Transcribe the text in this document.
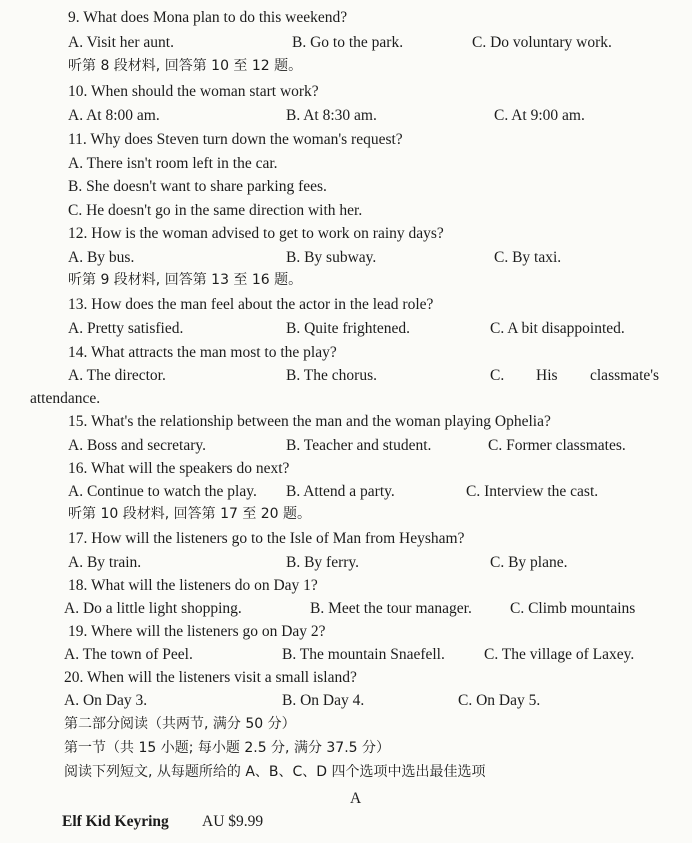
9. What does Mona plan to do this weekend?
A. Visit her aunt.	B. Go to the park.	C. Do voluntary work.
听第 8 段材料, 回答第 10 至 12 题。
10. When should the woman start work?
A. At 8:00 am.	B. At 8:30 am.	C. At 9:00 am.
11. Why does Steven turn down the woman's request?
A. There isn't room left in the car.
B. She doesn't want to share parking fees.
C. He doesn't go in the same direction with her.
12. How is the woman advised to get to work on rainy days?
A. By bus.	B. By subway.	C. By taxi.
听第 9 段材料, 回答第 13 至 16 题。
13. How does the man feel about the actor in the lead role?
A. Pretty satisfied.	B. Quite frightened.	C. A bit disappointed.
14. What attracts the man most to the play?
A. The director.	B. The chorus.	C. His classmate's
attendance.
15. What's the relationship between the man and the woman playing Ophelia?
A. Boss and secretary.	B. Teacher and student.	C. Former classmates.
16. What will the speakers do next?
A. Continue to watch the play. B. Attend a party.	C. Interview the cast.
听第 10 段材料, 回答第 17 至 20 题。
17. How will the listeners go to the Isle of Man from Heysham?
A. By train.	B. By ferry.	C. By plane.
18. What will the listeners do on Day 1?
A. Do a little light shopping.	B. Meet the tour manager. C. Climb mountains
19. Where will the listeners go on Day 2?
A. The town of Peel.	B. The mountain Snaefell.	C. The village of Laxey.
20. When will the listeners visit a small island?
A. On Day 3.	B. On Day 4.	C. On Day 5.
第二部分阅读（共两节, 满分 50 分）
第一节（共 15 小题; 每小题 2.5 分, 满分 37.5 分）
阅读下列短文, 从每题所给的 A、B、C、D 四个选项中选出最佳选项
A
Elf Kid Keyring AU $9.99
